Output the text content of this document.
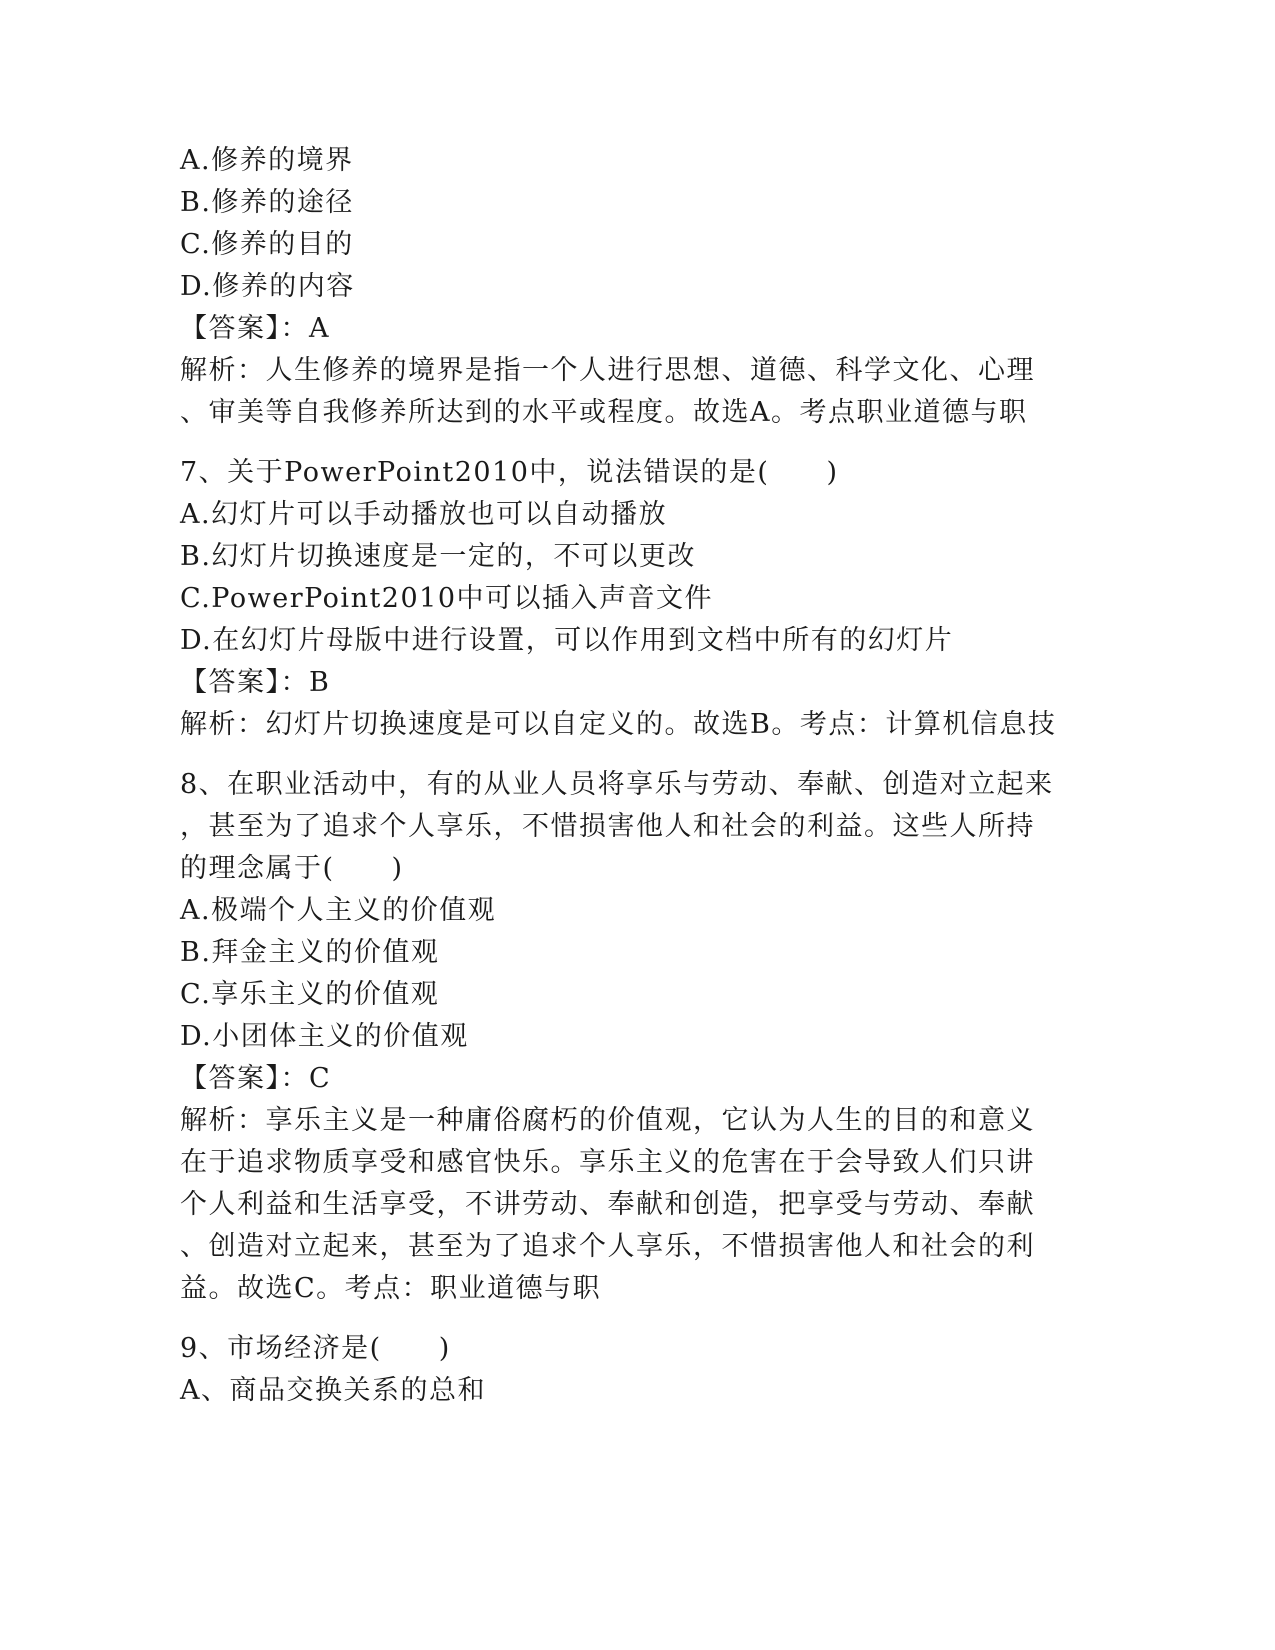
A.修养的境界
B.修养的途径
C.修养的目的
D.修养的内容
【答案】：A
解析：人生修养的境界是指一个人进行思想、道德、科学文化、心理
、审美等自我修养所达到的水平或程度。故选A。考点职业道德与职
7、关于PowerPoint2010中，说法错误的是(　　)
A.幻灯片可以手动播放也可以自动播放
B.幻灯片切换速度是一定的，不可以更改
C.PowerPoint2010中可以插入声音文件
D.在幻灯片母版中进行设置，可以作用到文档中所有的幻灯片
【答案】：B
解析：幻灯片切换速度是可以自定义的。故选B。考点：计算机信息技
8、在职业活动中，有的从业人员将享乐与劳动、奉献、创造对立起来
，甚至为了追求个人享乐，不惜损害他人和社会的利益。这些人所持
的理念属于(　　)
A.极端个人主义的价值观
B.拜金主义的价值观
C.享乐主义的价值观
D.小团体主义的价值观
【答案】：C
解析：享乐主义是一种庸俗腐朽的价值观，它认为人生的目的和意义
在于追求物质享受和感官快乐。享乐主义的危害在于会导致人们只讲
个人利益和生活享受，不讲劳动、奉献和创造，把享受与劳动、奉献
、创造对立起来，甚至为了追求个人享乐，不惜损害他人和社会的利
益。故选C。考点：职业道德与职
9、市场经济是(　　)
A、商品交换关系的总和
